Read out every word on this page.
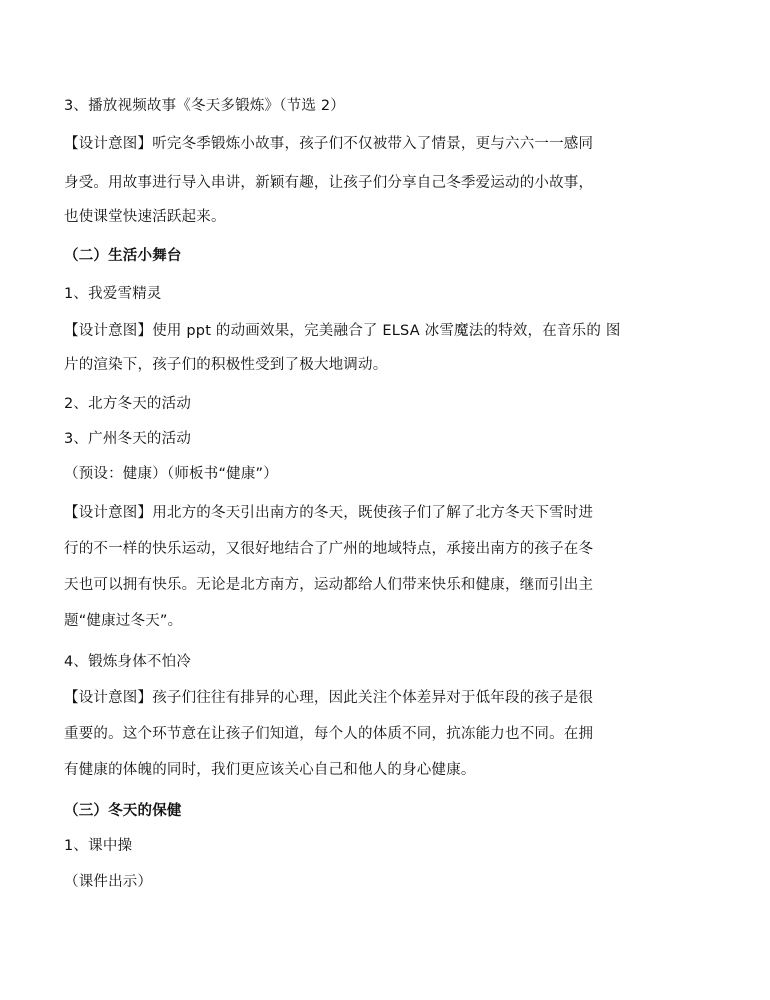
3、播放视频故事《冬天多锻炼》（节选 2）
【设计意图】听完冬季锻炼小故事，孩子们不仅被带入了情景，更与六六一一感同
身受。用故事进行导入串讲，新颖有趣，让孩子们分享自己冬季爱运动的小故事，
也使课堂快速活跃起来。
（二）生活小舞台
1、我爱雪精灵
【设计意图】使用 ppt 的动画效果，完美融合了 ELSA 冰雪魔法的特效，在音乐的 图
片的渲染下，孩子们的积极性受到了极大地调动。
2、北方冬天的活动
3、广州冬天的活动
（预设：健康）（师板书“健康”）
【设计意图】用北方的冬天引出南方的冬天，既使孩子们了解了北方冬天下雪时进
行的不一样的快乐运动，又很好地结合了广州的地域特点，承接出南方的孩子在冬
天也可以拥有快乐。无论是北方南方，运动都给人们带来快乐和健康，继而引出主
题“健康过冬天”。
4、锻炼身体不怕冷
【设计意图】孩子们往往有排异的心理，因此关注个体差异对于低年段的孩子是很
重要的。这个环节意在让孩子们知道，每个人的体质不同，抗冻能力也不同。在拥
有健康的体魄的同时，我们更应该关心自己和他人的身心健康。
（三）冬天的保健
1、课中操
（课件出示）
